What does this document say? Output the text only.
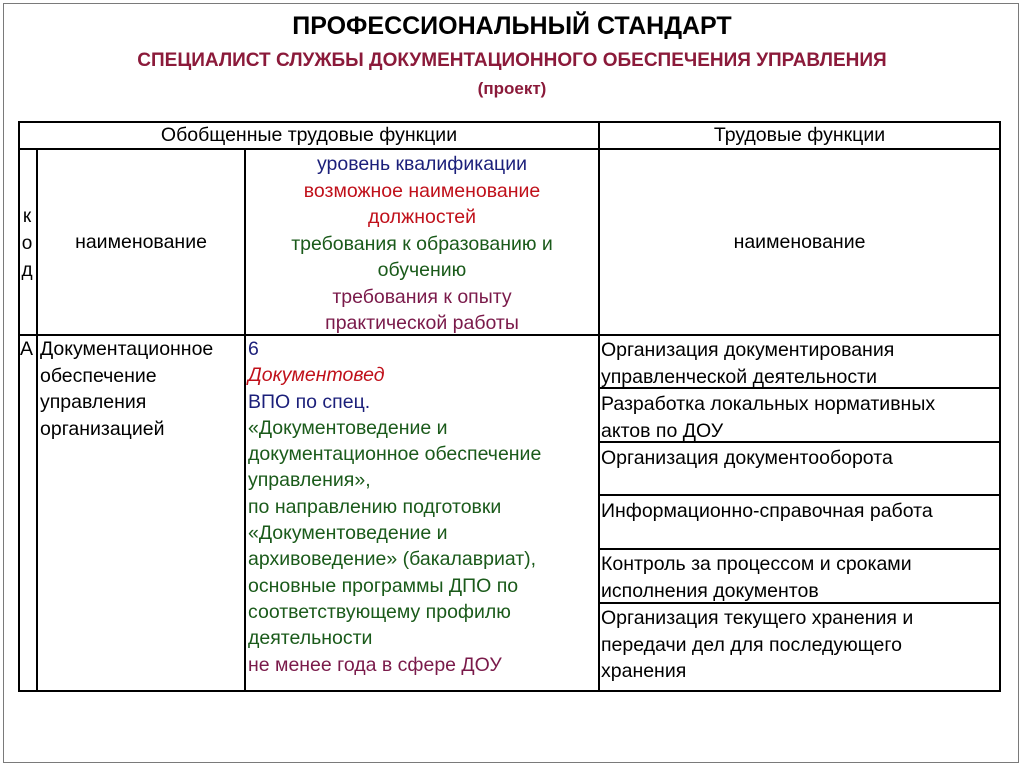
ПРОФЕССИОНАЛЬНЫЙ СТАНДАРТ
СПЕЦИАЛИСТ СЛУЖБЫ ДОКУМЕНТАЦИОННОГО ОБЕСПЕЧЕНИЯ УПРАВЛЕНИЯ
(проект)
Обобщенные трудовые функции	Трудовые функции
к
о
д
наименование
уровень квалификации
возможное наименование
должностей
требования к образованию и
обучению
требования к опыту
практической работы
наименование
А Документационное
обеспечение
управления
организацией
6
Документовед
ВПО по спец.
«Документоведение и
документационное обеспечение
управления»,
по направлению подготовки
«Документоведение и
архивоведение» (бакалавриат),
основные программы ДПО по
соответствующему профилю
деятельности
не менее года в сфере ДОУ
Организация документирования
управленческой деятельности
Разработка локальных нормативных
актов по ДОУ
Организация документооборота
Информационно-справочная работа
Контроль за процессом и сроками
исполнения документов
Организация текущего хранения и
передачи дел для последующего
хранения
